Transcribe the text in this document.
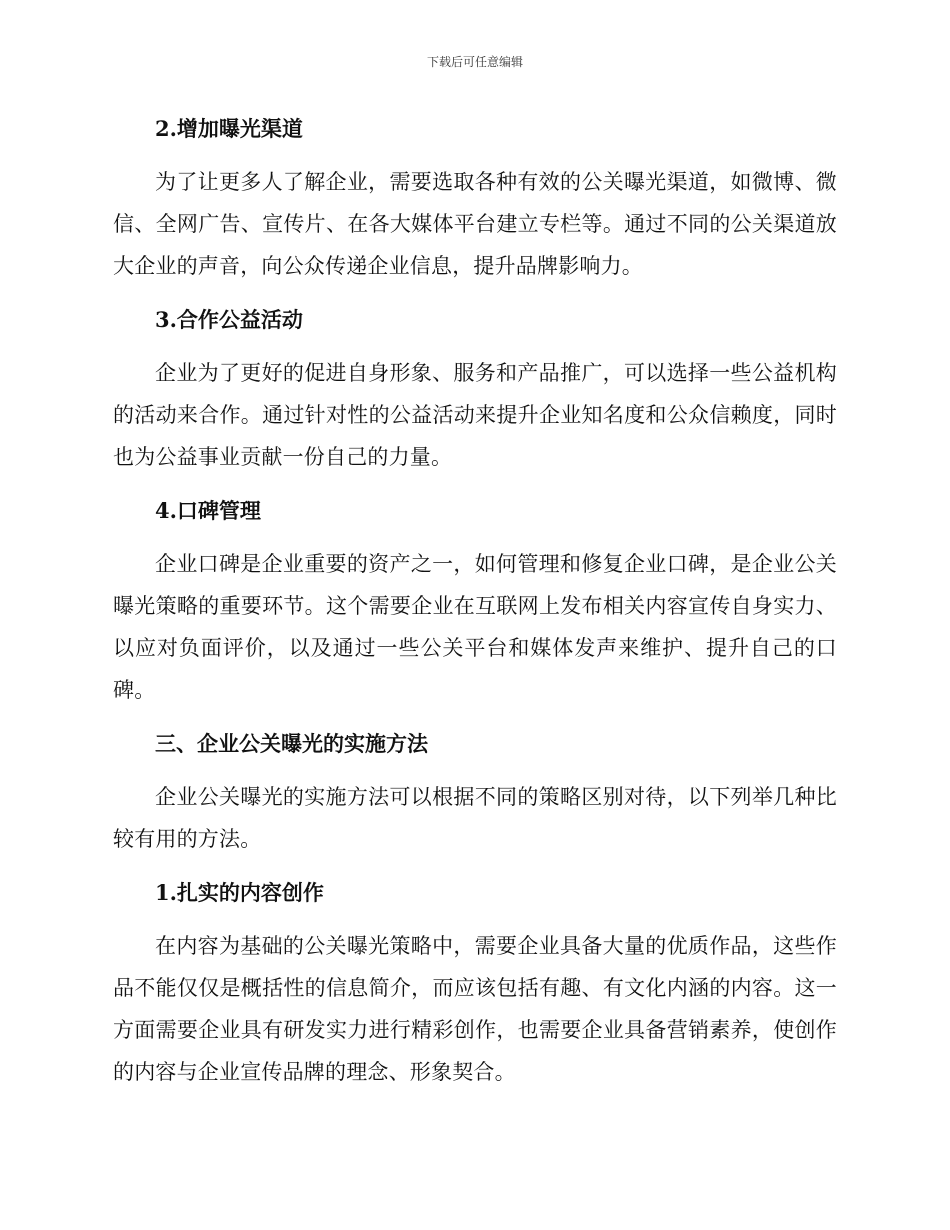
下载后可任意编辑
2.增加曝光渠道

为了让更多人了解企业，需要选取各种有效的公关曝光渠道，如微博、微信、全网广告、宣传片、在各大媒体平台建立专栏等。通过不同的公关渠道放大企业的声音，向公众传递企业信息，提升品牌影响力。

3.合作公益活动

企业为了更好的促进自身形象、服务和产品推广，可以选择一些公益机构的活动来合作。通过针对性的公益活动来提升企业知名度和公众信赖度，同时也为公益事业贡献一份自己的力量。

4.口碑管理

企业口碑是企业重要的资产之一，如何管理和修复企业口碑，是企业公关曝光策略的重要环节。这个需要企业在互联网上发布相关内容宣传自身实力、以应对负面评价，以及通过一些公关平台和媒体发声来维护、提升自己的口碑。

三、企业公关曝光的实施方法

企业公关曝光的实施方法可以根据不同的策略区别对待，以下列举几种比较有用的方法。

1.扎实的内容创作

在内容为基础的公关曝光策略中，需要企业具备大量的优质作品，这些作品不能仅仅是概括性的信息简介，而应该包括有趣、有文化内涵的内容。这一方面需要企业具有研发实力进行精彩创作，也需要企业具备营销素养，使创作的内容与企业宣传品牌的理念、形象契合。
